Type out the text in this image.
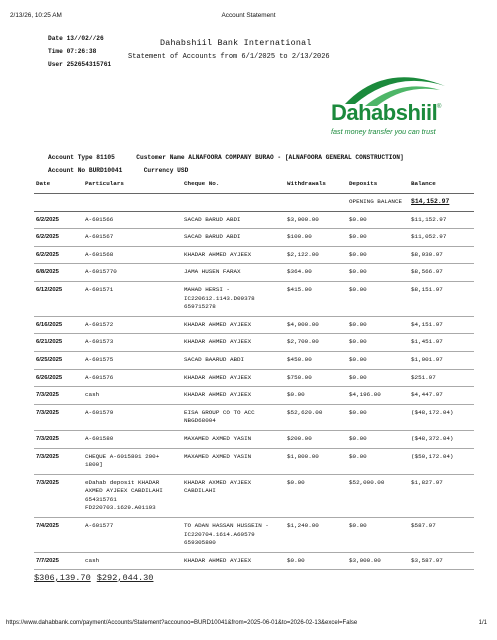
2/13/26, 10:25 AM	Account Statement
Date 13//02//26
Time 07:26:38
User 252654315761
Dahabshiil Bank International
Statement of Accounts from 6/1/2025 to 2/13/2026
Dahabshiil ®
fast money transfer you can trust
Account Type 81105	Customer Name ALNAFOORA COMPANY BURAO - [ALNAFOORA GENERAL CONSTRUCTION]
Account No BURD10041	Currency USD
Date	Particulars	Cheque No.	Withdrawals	Deposits	Balance
				OPENING BALANCE	$14,152.97
6/2/2025	A-601566	SACAD BARUD ABDI	$3,000.00	$0.00	$11,152.97
6/2/2025	A-601567	SACAD BARUD ABDI	$100.00	$0.00	$11,052.97
6/2/2025	A-601568	KHADAR AHMED AYJEEX	$2,122.00	$0.00	$8,930.97
6/8/2025	A-6015770	JAMA HUSEN FARAX	$364.00	$0.00	$8,566.97
6/12/2025	A-601571	MAHAD HERSI - IC220612.1143.D09378 659715278	$415.00	$0.00	$8,151.97
6/16/2025	A-601572	KHADAR AHMED AYJEEX	$4,000.00	$0.00	$4,151.97
6/21/2025	A-601573	KHADAR AHMED AYJEEX	$2,700.00	$0.00	$1,451.97
6/25/2025	A-601575	SACAD BAARUD ABDI	$450.00	$0.00	$1,001.97
6/26/2025	A-601576	KHADAR AHMED AYJEEX	$750.00	$0.00	$251.97
7/3/2025	cash	KHADAR AHMED AYJEEX	$0.00	$4,196.00	$4,447.97
7/3/2025	A-601579	EISA GROUP CO TO ACC NBGD68004	$52,620.00	$0.00	($48,172.04)
7/3/2025	A-601580	MAXAMED AXMED YASIN	$200.00	$0.00	($48,372.04)
7/3/2025	CHEQUE A-6015801 200+ 1800]	MAXAMED AXMED YASIN	$1,800.00	$0.00	($50,172.04)
7/3/2025	eDahab deposit KHADAR AXMED AYJEEX CABDILAHI 654315761 FD220703.1629.A01193	KHADAR AXMED AYJEEX CABDILAHI	$0.00	$52,000.00	$1,827.97
7/4/2025	A-601577	TO ADAN HASSAN HUSSEIN - IC220704.1614.A60579 659305800	$1,240.00	$0.00	$587.97
7/7/2025	cash	KHADAR AHMED AYJEEX	$0.00	$3,000.00	$3,587.97
$306,139.70 $292,044.30
https://www.dahabbank.com/payment/Accounts/Statement?accounoo=BURD10041&from=2025-06-01&to=2026-02-13&excel=False	1/1
